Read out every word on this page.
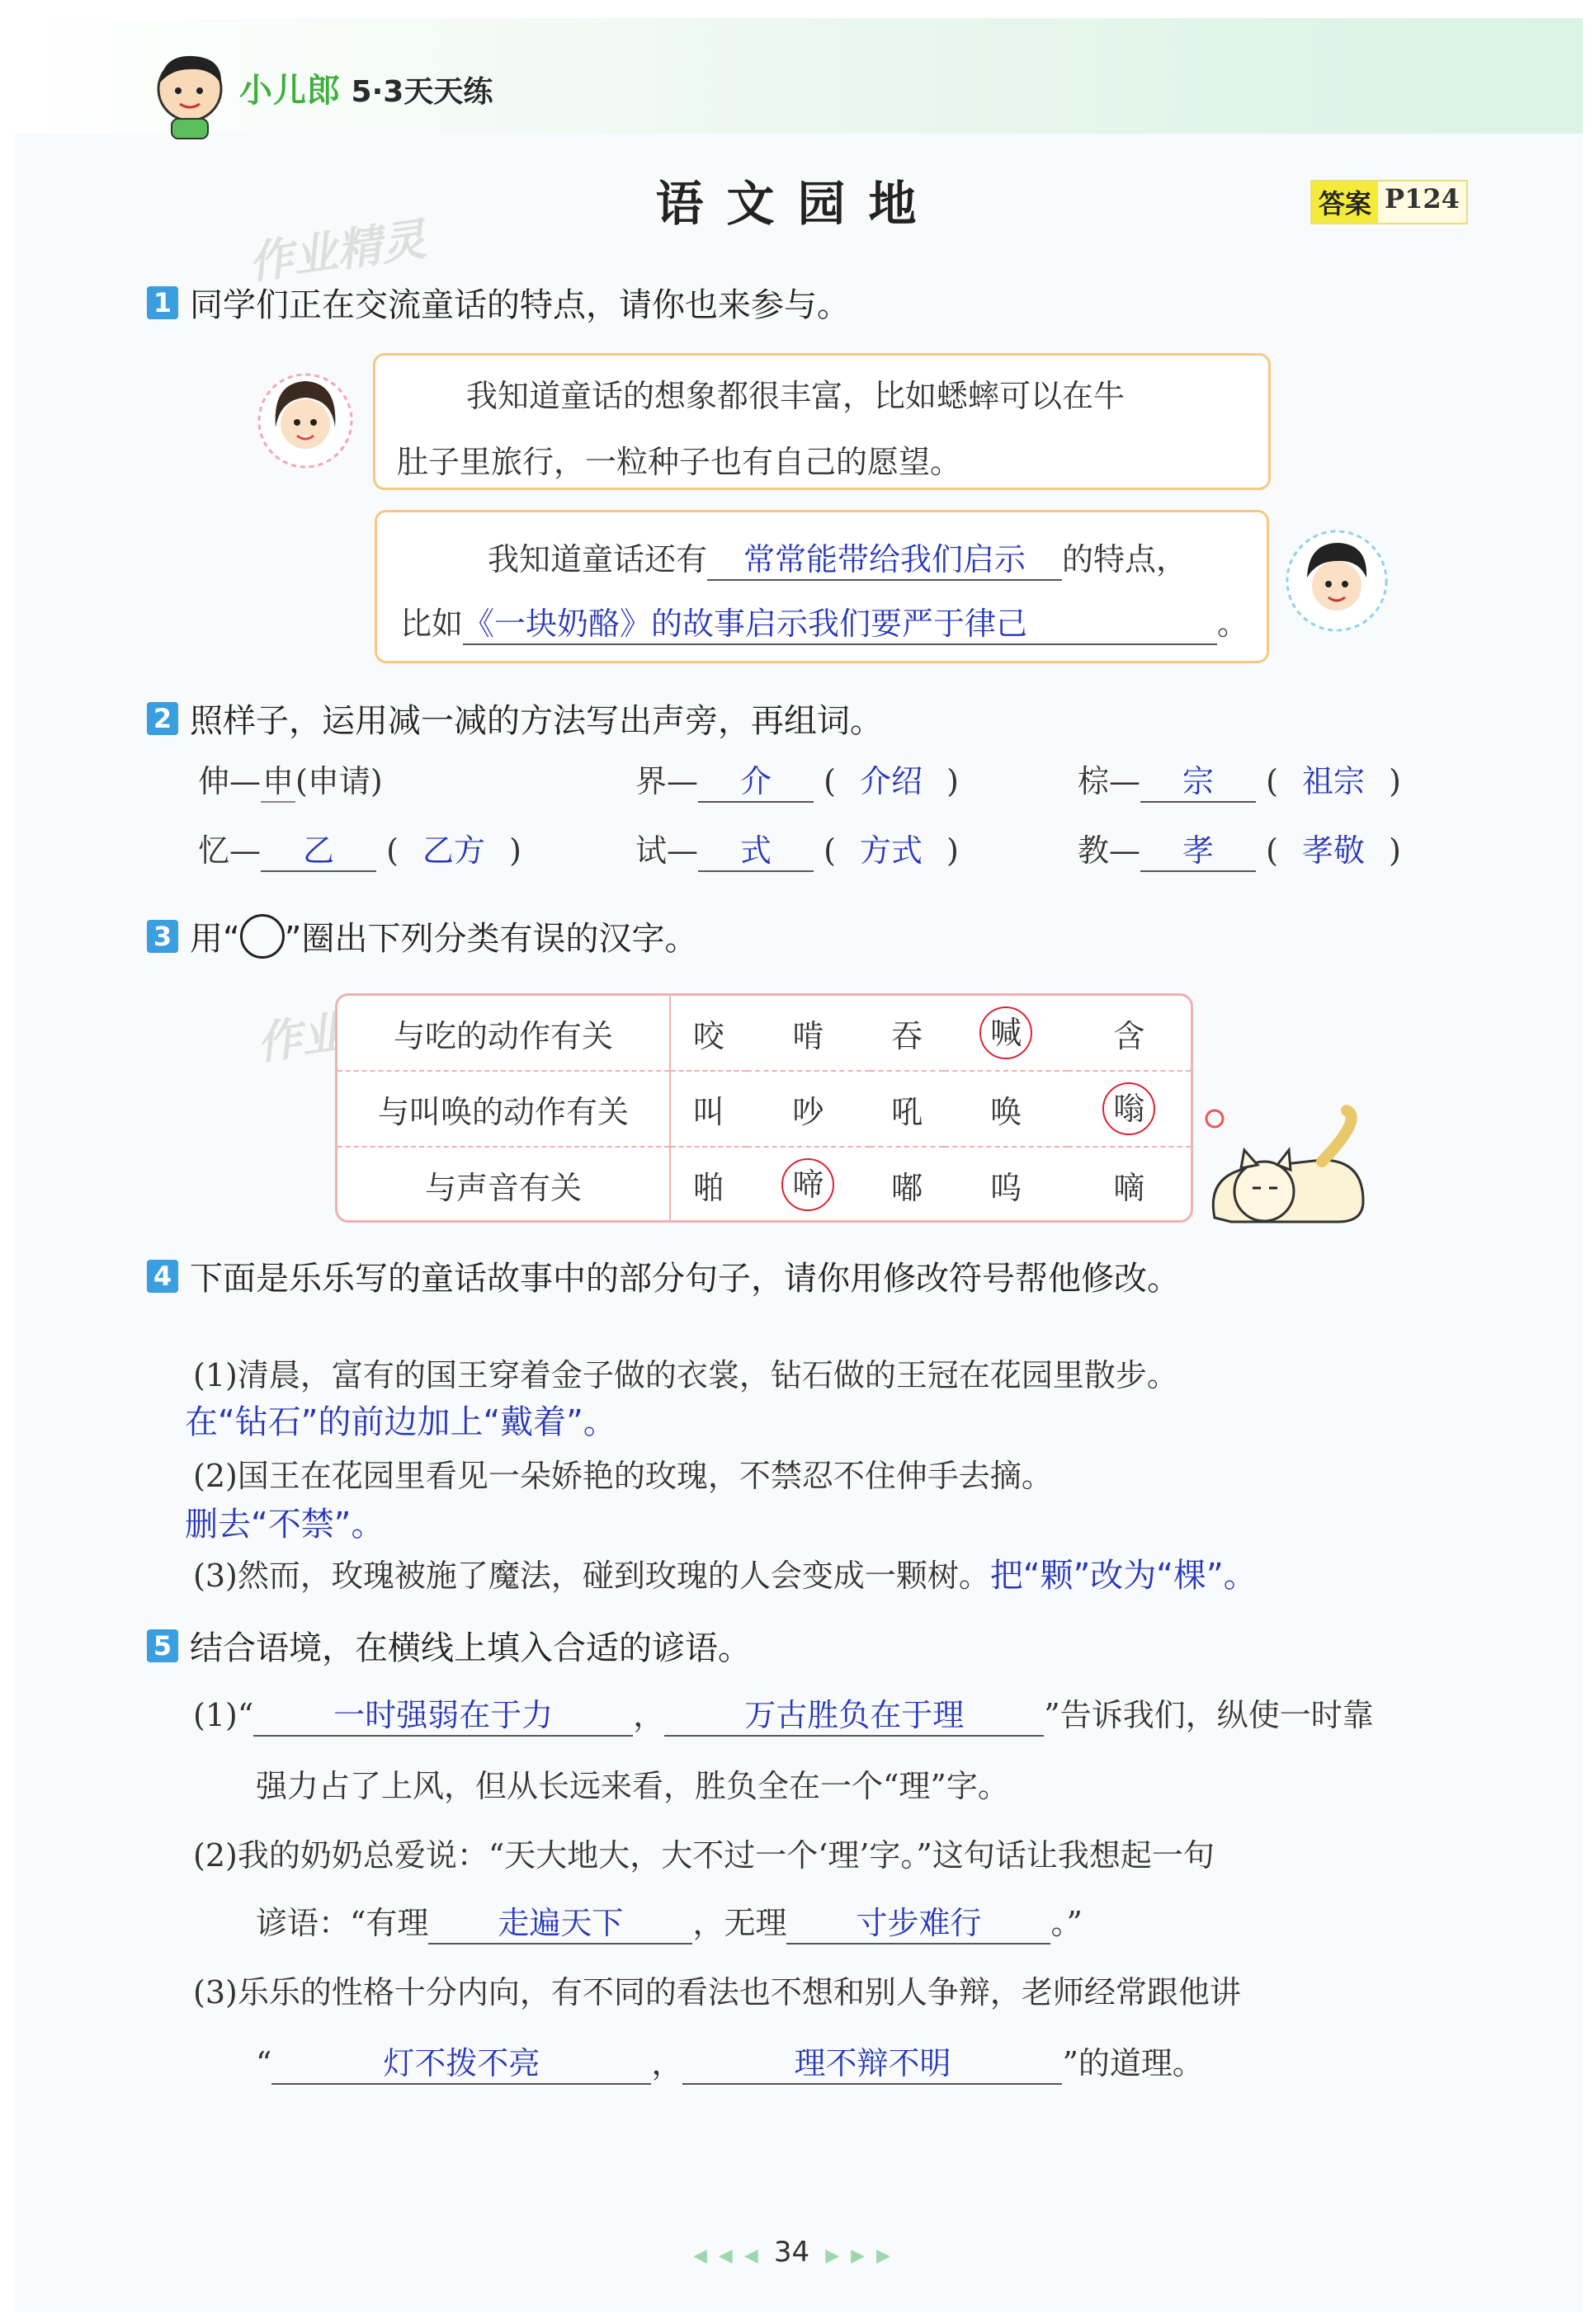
小儿郎 5·3天天练
语文园地	答案 P124
作业精灵
1 同学们正在交流童话的特点，请你也来参与。
我知道童话的想象都很丰富，比如蟋蟀可以在牛
肚子里旅行，一粒种子也有自己的愿望。
我知道童话还有 常常能带给我们启示 的特点，
比如《一块奶酪》的故事启示我们要严于律己	。
2 照样子，运用减一减的方法写出声旁，再组词。
伸—申(申请)	界— 介 ( 介绍 )	棕— 宗 ( 祖宗 )
忆— 乙 ( 乙方 )	试— 式 ( 方式 )	教— 孝 ( 孝敬 )
3 用“ ”圈出下列分类有误的汉字。
与吃的动作有关	咬	啃	吞	喊	含
与叫唤的动作有关	叫	吵	吼	唤	嗡
与声音有关	啪	啼	嘟	呜	嘀
4 下面是乐乐写的童话故事中的部分句子，请你用修改符号帮他修改。
(1)清晨，富有的国王穿着金子做的衣裳，钻石做的王冠在花园里散步。
在“钻石”的前边加上“戴着”。
(2)国王在花园里看见一朵娇艳的玫瑰，不禁忍不住伸手去摘。
删去“不禁”。
(3)然而，玫瑰被施了魔法，碰到玫瑰的人会变成一颗树。把“颗”改为“棵”。
5 结合语境，在横线上填入合适的谚语。
(1)“	一时强弱在于力	，	万古胜负在于理	”告诉我们，纵使一时靠
强力占了上风，但从长远来看，胜负全在一个“理”字。
(2)我的奶奶总爱说：“天大地大，大不过一个‘理’字。”这句话让我想起一句
谚语：“有理 走遍天下 ，无理 寸步难行 。”
(3)乐乐的性格十分内向，有不同的看法也不想和别人争辩，老师经常跟他讲
“	灯不拨不亮	，	理不辩不明	”的道理。
◀◀◀ 34 ▶▶▶
